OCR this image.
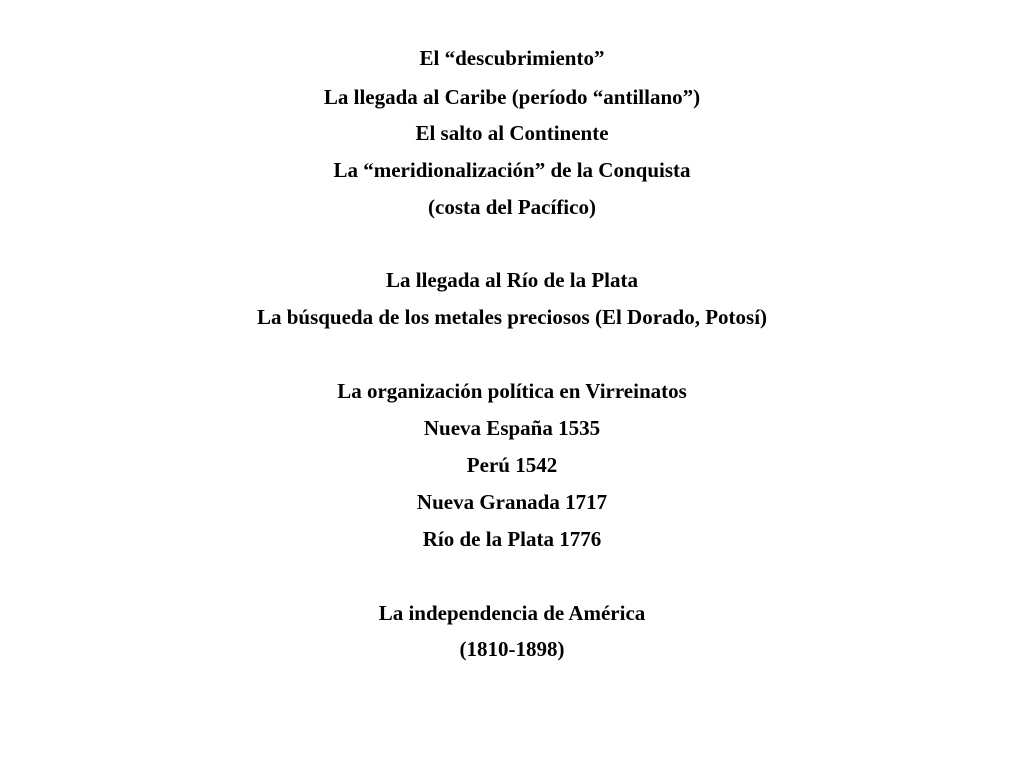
El “descubrimiento”
La llegada al Caribe (período “antillano”)
El salto al Continente
La “meridionalización” de la Conquista
(costa del Pacífico)
La llegada al Río de la Plata
La búsqueda de los metales preciosos (El Dorado, Potosí)
La organización política en Virreinatos
Nueva España 1535
Perú 1542
Nueva Granada 1717
Río de la Plata 1776
La independencia de América
(1810-1898)
